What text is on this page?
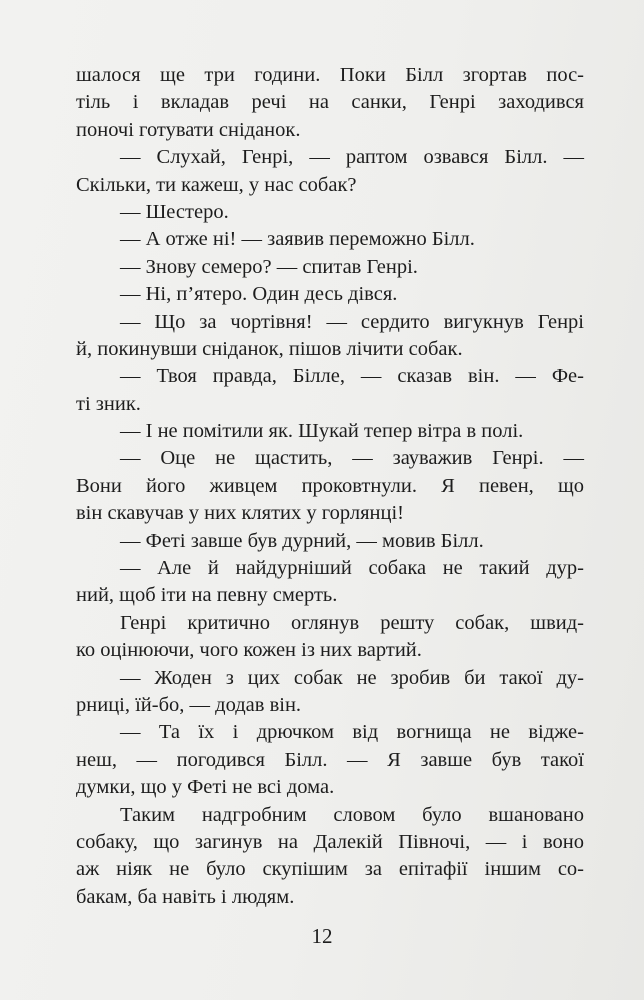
шалося ще три години. Поки Білл згортав пос-
тіль і вкладав речі на санки, Генрі заходився
поночі готувати сніданок.
— Слухай, Генрі, — раптом озвався Білл. —
Скільки, ти кажеш, у нас собак?
— Шестеро.
— А отже ні! — заявив переможно Білл.
— Знову семеро? — спитав Генрі.
— Ні, п’ятеро. Один десь дівся.
— Що за чортівня! — сердито вигукнув Генрі
й, покинувши сніданок, пішов лічити собак.
— Твоя правда, Білле, — сказав він. — Фе-
ті зник.
— І не помітили як. Шукай тепер вітра в полі.
— Оце не щастить, — зауважив Генрі. —
Вони його живцем проковтнули. Я певен, що
він скавучав у них клятих у горлянці!
— Феті завше був дурний, — мовив Білл.
— Але й найдурніший собака не такий дур-
ний, щоб іти на певну смерть.
Генрі критично оглянув решту собак, швид-
ко оцінюючи, чого кожен із них вартий.
— Жоден з цих собак не зробив би такої ду-
рниці, їй-бо, — додав він.
— Та їх і дрючком від вогнища не відже-
неш, — погодився Білл. — Я завше був такої
думки, що у Феті не всі дома.
Таким надгробним словом було вшановано
собаку, що загинув на Далекій Півночі, — і воно
аж ніяк не було скупішим за епітафії іншим со-
бакам, ба навіть і людям.
12
